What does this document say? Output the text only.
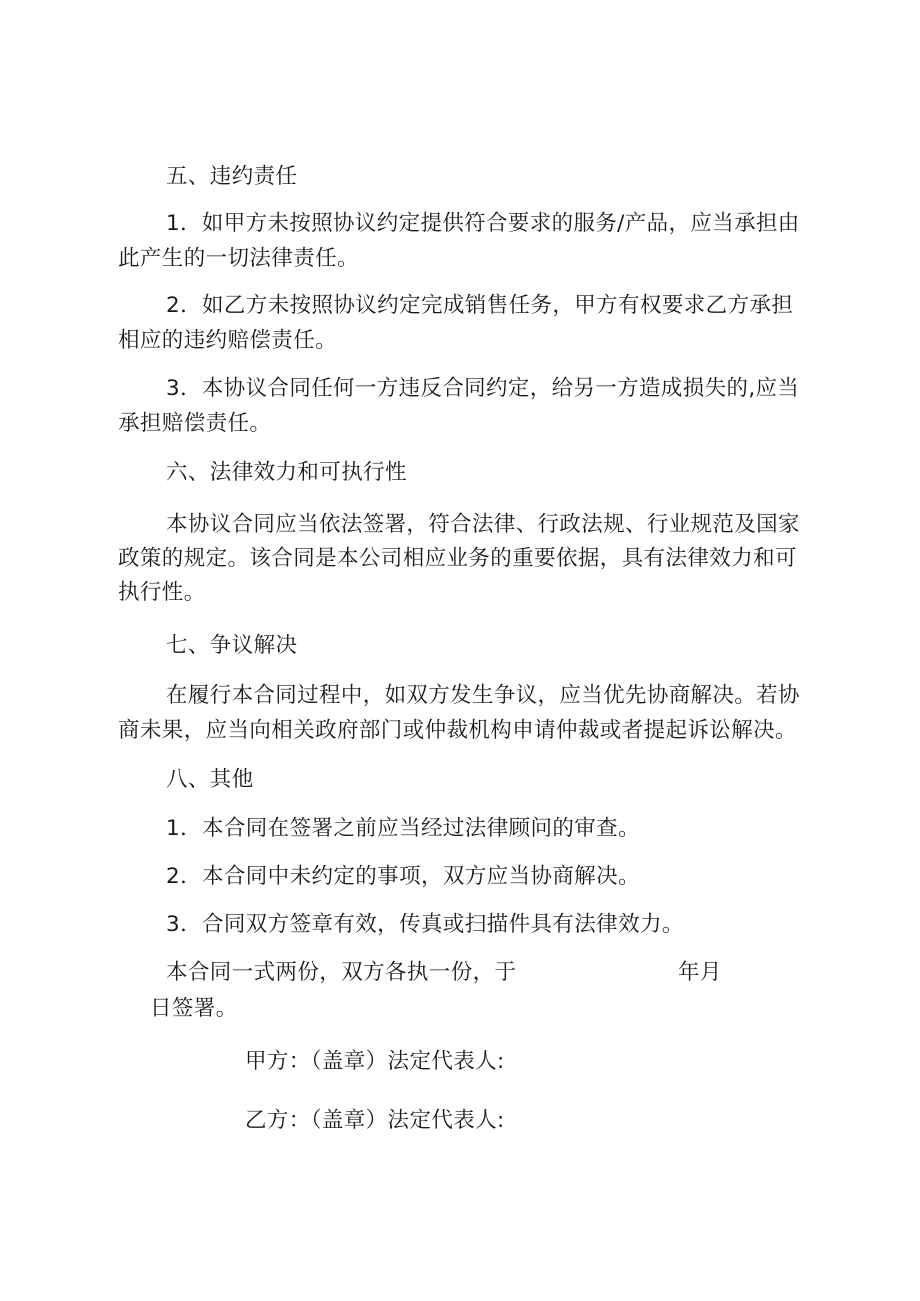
五、违约责任
1．如甲方未按照协议约定提供符合要求的服务/产品，应当承担由
此产生的一切法律责任。
2．如乙方未按照协议约定完成销售任务，甲方有权要求乙方承担
相应的违约赔偿责任。
3．本协议合同任何一方违反合同约定，给另一方造成损失的,应当
承担赔偿责任。
六、法律效力和可执行性
本协议合同应当依法签署，符合法律、行政法规、行业规范及国家
政策的规定。该合同是本公司相应业务的重要依据，具有法律效力和可
执行性。
七、争议解决
在履行本合同过程中，如双方发生争议，应当优先协商解决。若协
商未果，应当向相关政府部门或仲裁机构申请仲裁或者提起诉讼解决。
八、其他
1．本合同在签署之前应当经过法律顾问的审查。
2．本合同中未约定的事项，双方应当协商解决。
3．合同双方签章有效，传真或扫描件具有法律效力。
本合同一式两份，双方各执一份，于	年月
日签署。
甲方：（盖章）法定代表人:
乙方：（盖章）法定代表人:
